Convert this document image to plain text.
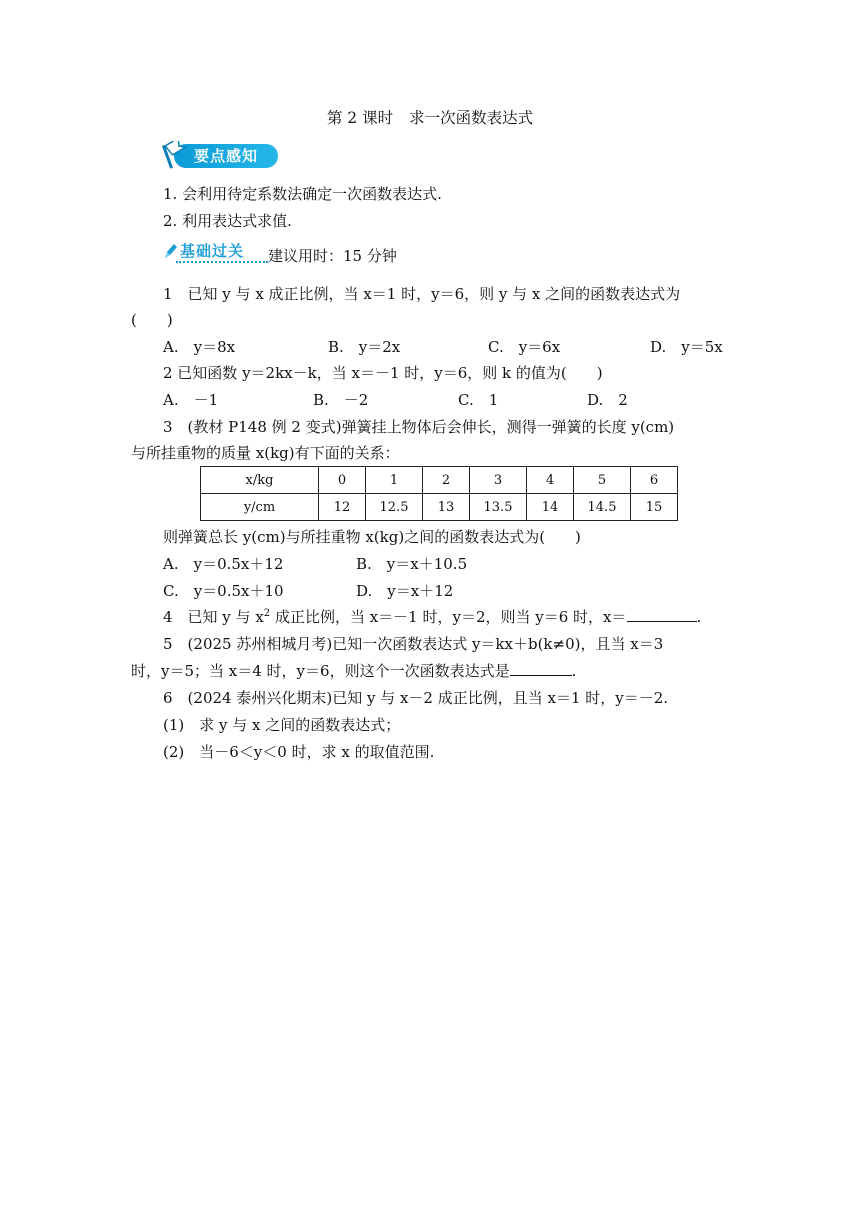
第 2 课时 求一次函数表达式
要点感知
1. 会利用待定系数法确定一次函数表达式.
2. 利用表达式求值.
基础过关 建议用时：15 分钟
1　已知 y 与 x 成正比例，当 x＝1 时，y＝6，则 y 与 x 之间的函数表达式为
(　　)
A.　y＝8x	B.　y＝2x	C.　y＝6x	D.　y＝5x
2 已知函数 y＝2kx－k，当 x＝－1 时，y＝6，则 k 的值为(　　)
A.　－1	B.　－2	C.　1	D.　2
3　(教材 P148 例 2 变式)弹簧挂上物体后会伸长，测得一弹簧的长度 y(cm)
与所挂重物的质量 x(kg)有下面的关系：
x/kg	0	1	2	3	4	5	6
y/cm	12	12.5	13	13.5	14	14.5	15
则弹簧总长 y(cm)与所挂重物 x(kg)之间的函数表达式为(　　)
A.　y＝0.5x＋12	B.　y＝x＋10.5
C.　y＝0.5x＋10	D.　y＝x＋12
4　已知 y 与 $x^2$ 成正比例，当 x＝－1 时，y＝2，则当 y＝6 时，x＝	.
5　(2025 苏州相城月考)已知一次函数表达式 y＝kx＋b(k≠0)，且当 x＝3
时，y＝5；当 x＝4 时，y＝6，则这个一次函数表达式是	.
6　(2024 泰州兴化期末)已知 y 与 x－2 成正比例，且当 x＝1 时，y＝－2.
(1)　求 y 与 x 之间的函数表达式；
(2)　当－6＜y＜0 时，求 x 的取值范围.
